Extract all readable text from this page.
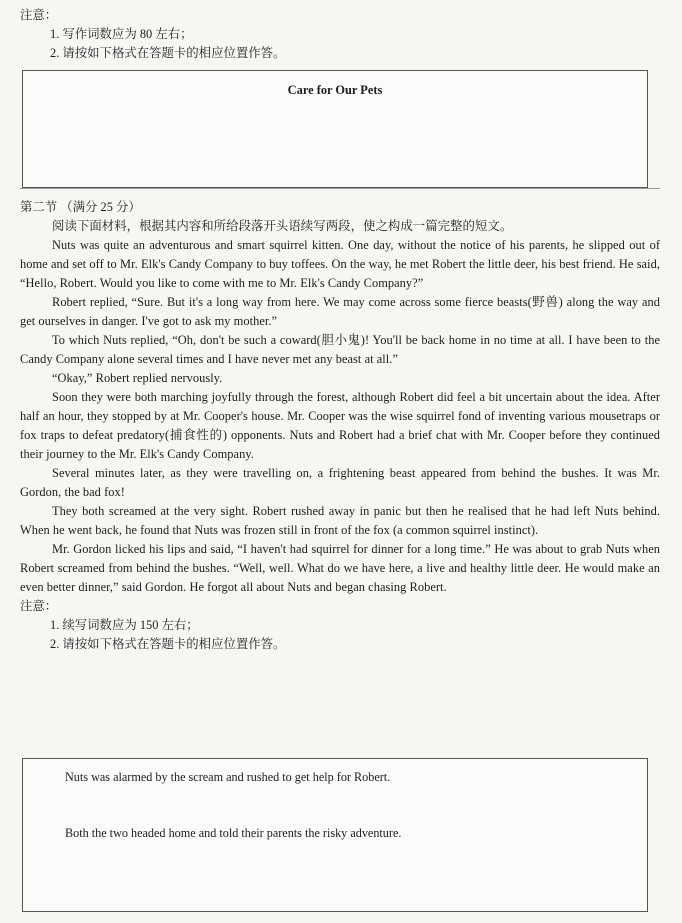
注意：

1. 写作词数应为 80 左右；

2. 请按如下格式在答题卡的相应位置作答。

Care for Our Pets

第二节 （满分 25 分）

阅读下面材料，根据其内容和所给段落开头语续写两段，使之构成一篇完整的短文。

Nuts was quite an adventurous and smart squirrel kitten. One day, without the notice of his parents, he slipped out of home and set off to Mr. Elk's Candy Company to buy toffees. On the way, he met Robert the little deer, his best friend. He said, “Hello, Robert. Would you like to come with me to Mr. Elk's Candy Company?”

Robert replied, “Sure. But it's a long way from here. We may come across some fierce beasts(野兽) along the way and get ourselves in danger. I've got to ask my mother.”

To which Nuts replied, “Oh, don't be such a coward(胆小鬼)! You'll be back home in no time at all. I have been to the Candy Company alone several times and I have never met any beast at all.”

“Okay,” Robert replied nervously.

Soon they were both marching joyfully through the forest, although Robert did feel a bit uncertain about the idea. After half an hour, they stopped by at Mr. Cooper's house. Mr. Cooper was the wise squirrel fond of inventing various mousetraps or fox traps to defeat predatory(捕食性的) opponents. Nuts and Robert had a brief chat with Mr. Cooper before they continued their journey to the Mr. Elk's Candy Company.

Several minutes later, as they were travelling on, a frightening beast appeared from behind the bushes. It was Mr. Gordon, the bad fox!

They both screamed at the very sight. Robert rushed away in panic but then he realised that he had left Nuts behind. When he went back, he found that Nuts was frozen still in front of the fox (a common squirrel instinct).

Mr. Gordon licked his lips and said, “I haven't had squirrel for dinner for a long time.” He was about to grab Nuts when Robert screamed from behind the bushes. “Well, well. What do we have here, a live and healthy little deer. He would make an even better dinner,” said Gordon. He forgot all about Nuts and began chasing Robert.

注意：

1. 续写词数应为 150 左右；

2. 请按如下格式在答题卡的相应位置作答。

Nuts was alarmed by the scream and rushed to get help for Robert.
Both the two headed home and told their parents the risky adventure.
